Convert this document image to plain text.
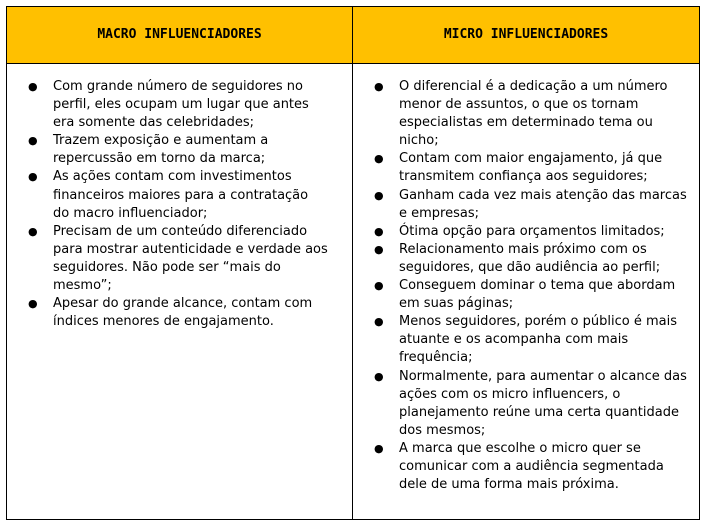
MACRO INFLUENCIADORES	MICRO INFLUENCIADORES
● Com grande número de seguidores no perfil, eles ocupam um lugar que antes era somente das celebridades;
● Trazem exposição e aumentam a repercussão em torno da marca;
● As ações contam com investimentos financeiros maiores para a contratação do macro influenciador;
● Precisam de um conteúdo diferenciado para mostrar autenticidade e verdade aos seguidores. Não pode ser “mais do mesmo”;
● Apesar do grande alcance, contam com índices menores de engajamento.
● O diferencial é a dedicação a um número menor de assuntos, o que os tornam especialistas em determinado tema ou nicho;
● Contam com maior engajamento, já que transmitem confiança aos seguidores;
● Ganham cada vez mais atenção das marcas e empresas;
● Ótima opção para orçamentos limitados;
● Relacionamento mais próximo com os seguidores, que dão audiência ao perfil;
● Conseguem dominar o tema que abordam em suas páginas;
● Menos seguidores, porém o público é mais atuante e os acompanha com mais frequência;
● Normalmente, para aumentar o alcance das ações com os micro influencers, o planejamento reúne uma certa quantidade dos mesmos;
● A marca que escolhe o micro quer se comunicar com a audiência segmentada dele de uma forma mais próxima.
